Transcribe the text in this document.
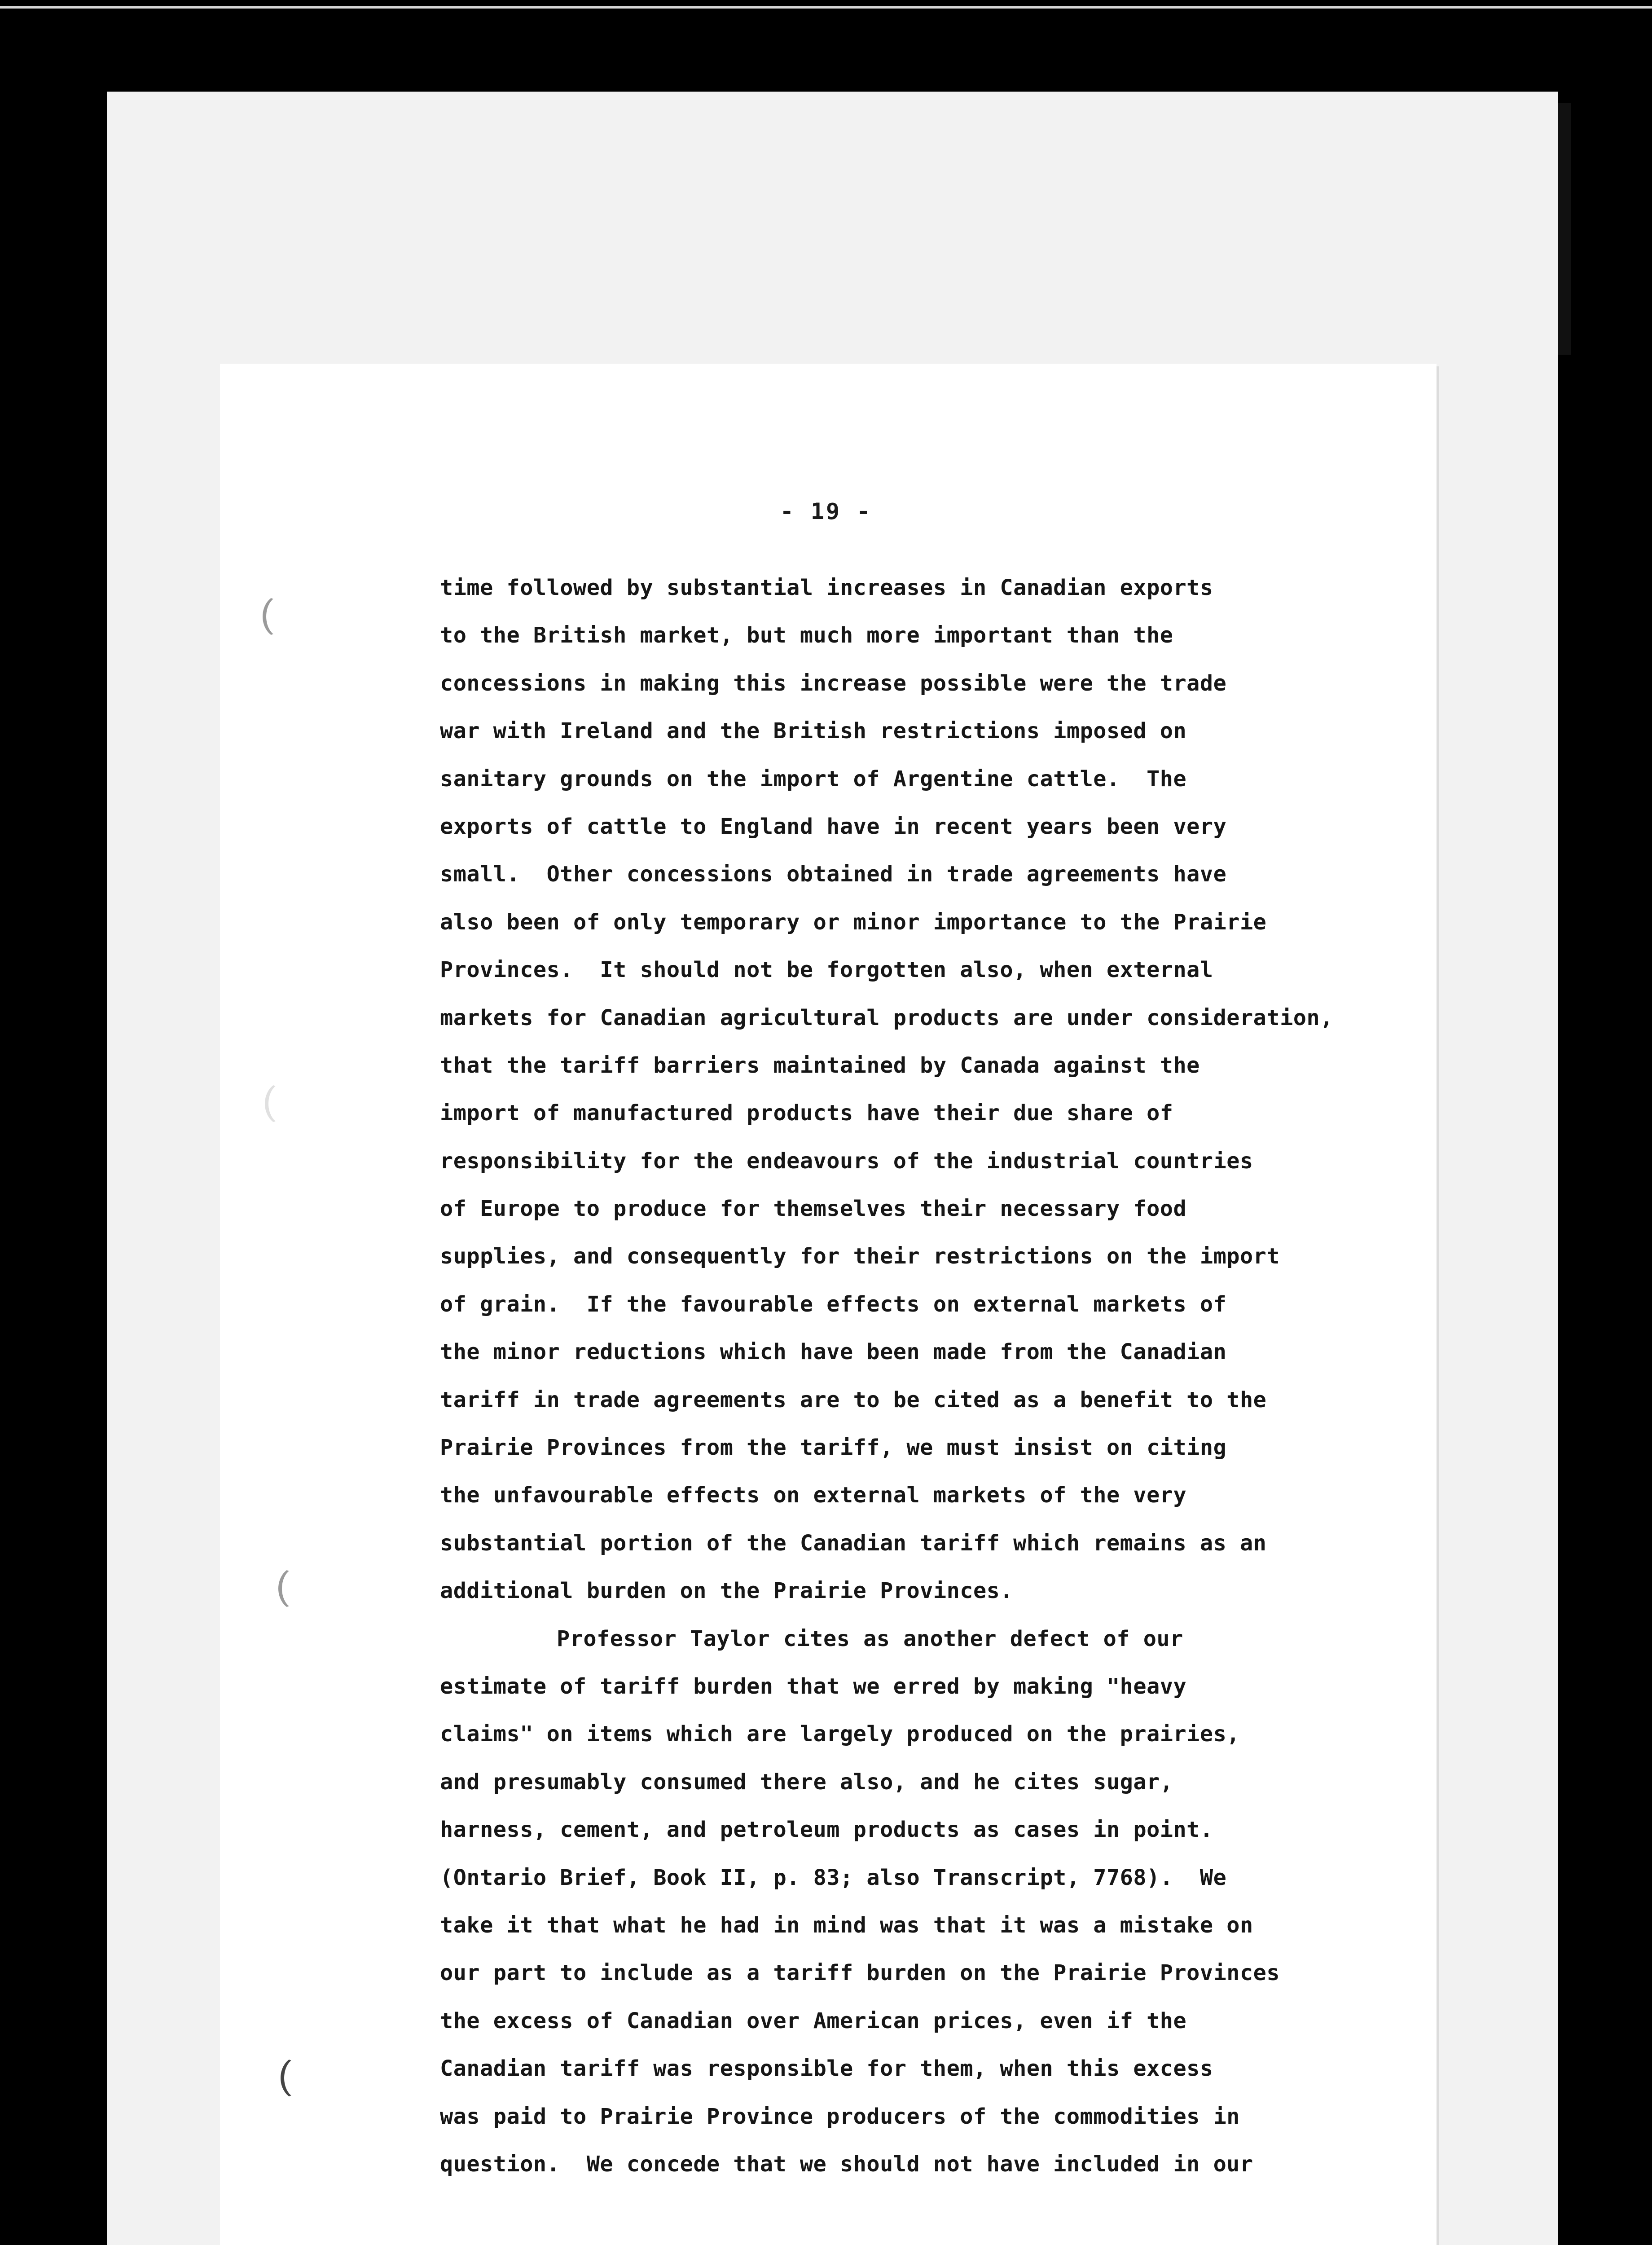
- 19 -
time followed by substantial increases in Canadian exports
to the British market, but much more important than the
concessions in making this increase possible were the trade
war with Ireland and the British restrictions imposed on
sanitary grounds on the import of Argentine cattle.  The
exports of cattle to England have in recent years been very
small.  Other concessions obtained in trade agreements have
also been of only temporary or minor importance to the Prairie
Provinces.  It should not be forgotten also, when external
markets for Canadian agricultural products are under consideration,
that the tariff barriers maintained by Canada against the
import of manufactured products have their due share of
responsibility for the endeavours of the industrial countries
of Europe to produce for themselves their necessary food
supplies, and consequently for their restrictions on the import
of grain.  If the favourable effects on external markets of
the minor reductions which have been made from the Canadian
tariff in trade agreements are to be cited as a benefit to the
Prairie Provinces from the tariff, we must insist on citing
the unfavourable effects on external markets of the very
substantial portion of the Canadian tariff which remains as an
additional burden on the Prairie Provinces.
Professor Taylor cites as another defect of our
estimate of tariff burden that we erred by making "heavy
claims" on items which are largely produced on the prairies,
and presumably consumed there also, and he cites sugar,
harness, cement, and petroleum products as cases in point.
(Ontario Brief, Book II, p. 83; also Transcript, 7768).  We
take it that what he had in mind was that it was a mistake on
our part to include as a tariff burden on the Prairie Provinces
the excess of Canadian over American prices, even if the
Canadian tariff was responsible for them, when this excess
was paid to Prairie Province producers of the commodities in
question.  We concede that we should not have included in our
